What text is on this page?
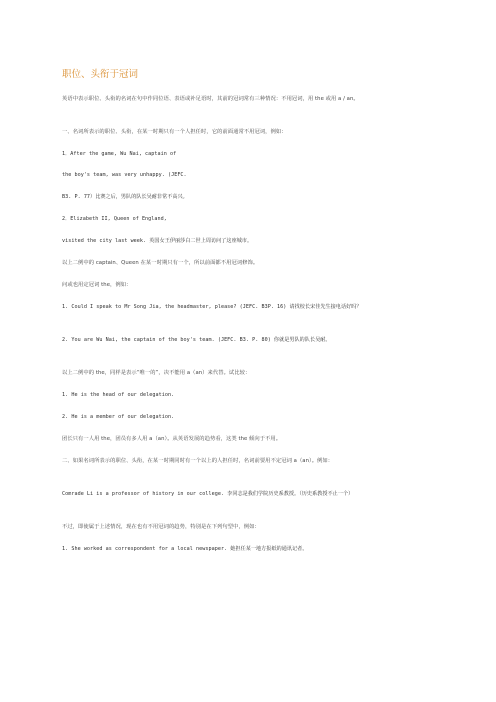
职位、头衔于冠词
英语中表示职位、头衔的名词在句中作同位语、表语或补足语时，其前的冠词常有三种情况：不用冠词，用 the 或用 a / an。
一、名词所表示的职位、头衔，在某一时期只有一个人担任时，它的前面通常不用冠词，例如：
1．After the game, Wu Nai, captain of
the boy's team, was very unhappy. (JEFC.
B3. P. 77）比赛之后，男队的队长吴耐非常不高兴。
2．Elizabeth II, Queen of England,
visited the city last week. 英国女王伊丽莎白二世上周访问了这座城市。
以上二例中的 captain、Queen 在某一时期只有一个，所以前面都不用冠词修饰。
问或也用定冠词 the，例如：
1. Could I speak to Mr Song Jia, the headmaster, please? (JEFC. B3P. 16) 请找校长宋佳先生接电话好吗？
2. You are Wu Nai, the captain of the boy's team. (JEFC. B3. P. 80) 你就是男队的队长吴耐。
以上二例中的 the，同样是表示“唯一的”，决不能用 a（an）来代替。试比较：
1. He is the head of our delegation.
2. He is a member of our delegation.
团长只有一人用 the，团员有多人用 a（an）。从英语发展的趋势看，这类 the 倾向于不用。
二、如果名词所表示的职位、头衔，在某一时期同时有一个以上的人担任时，名词前要用不定冠词 a（an）。例如：
Comrade Li is a professor of history in our college. 李同志是我们学院历史系教授。（历史系教授不止一个）
不过，即使属于上述情况，现在也有不用冠词的趋势，特别是在下列句型中，例如：
1. She worked as correspondent for a local newspaper. 她担任某一地方报纸的通讯记者。
